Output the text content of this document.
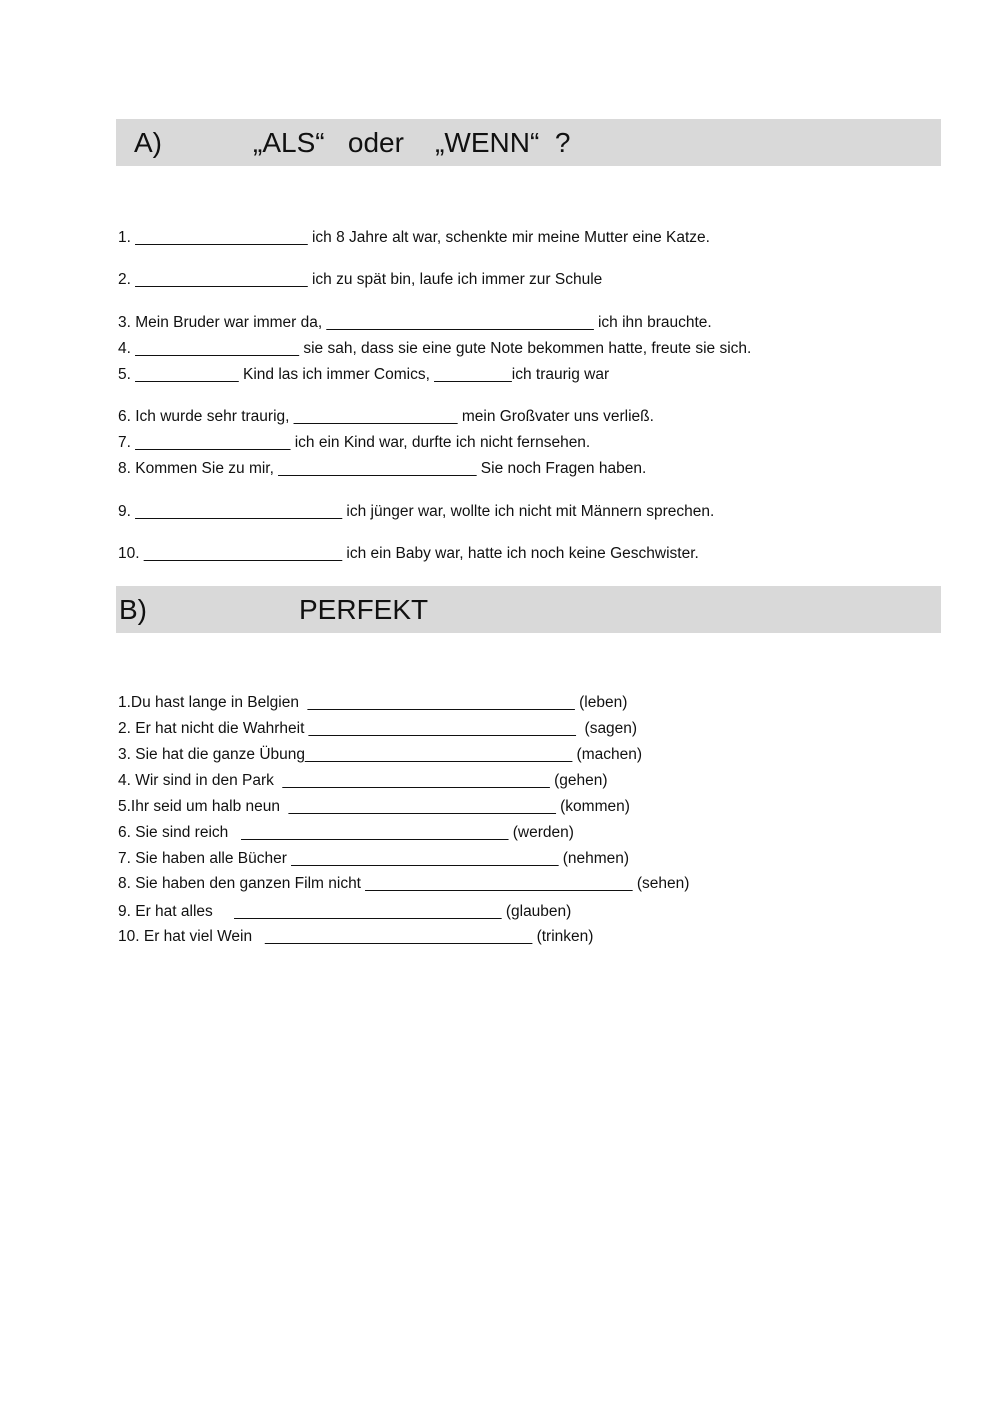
A)

	„ALS“   oder    „WENN“  ?

1. ____________________ ich 8 Jahre alt war, schenkte mir meine Mutter eine Katze.
2. ____________________ ich zu spät bin, laufe ich immer zur Schule
3. Mein Bruder war immer da, _______________________________ ich ihn brauchte.
4. ___________________ sie sah, dass sie eine gute Note bekommen hatte, freute sie sich.
5. ____________ Kind las ich immer Comics, _________ich traurig war
6. Ich wurde sehr traurig, ___________________ mein Großvater uns verließ.
7. __________________ ich ein Kind war, durfte ich nicht fernsehen.
8. Kommen Sie zu mir, _______________________ Sie noch Fragen haben.
9. ________________________ ich jünger war, wollte ich nicht mit Männern sprechen.
10. _______________________ ich ein Baby war, hatte ich noch keine Geschwister.

B)

	PERFEKT

1.Du hast lange in Belgien  _______________________________ (leben)
2. Er hat nicht die Wahrheit _______________________________  (sagen)
3. Sie hat die ganze Übung_______________________________ (machen)
4. Wir sind in den Park  _______________________________ (gehen)
5.Ihr seid um halb neun  _______________________________ (kommen)
6. Sie sind reich   _______________________________ (werden)
7. Sie haben alle Bücher _______________________________ (nehmen)
8. Sie haben den ganzen Film nicht _______________________________ (sehen)
9. Er hat alles     _______________________________ (glauben)
10. Er hat viel Wein   _______________________________ (trinken)
